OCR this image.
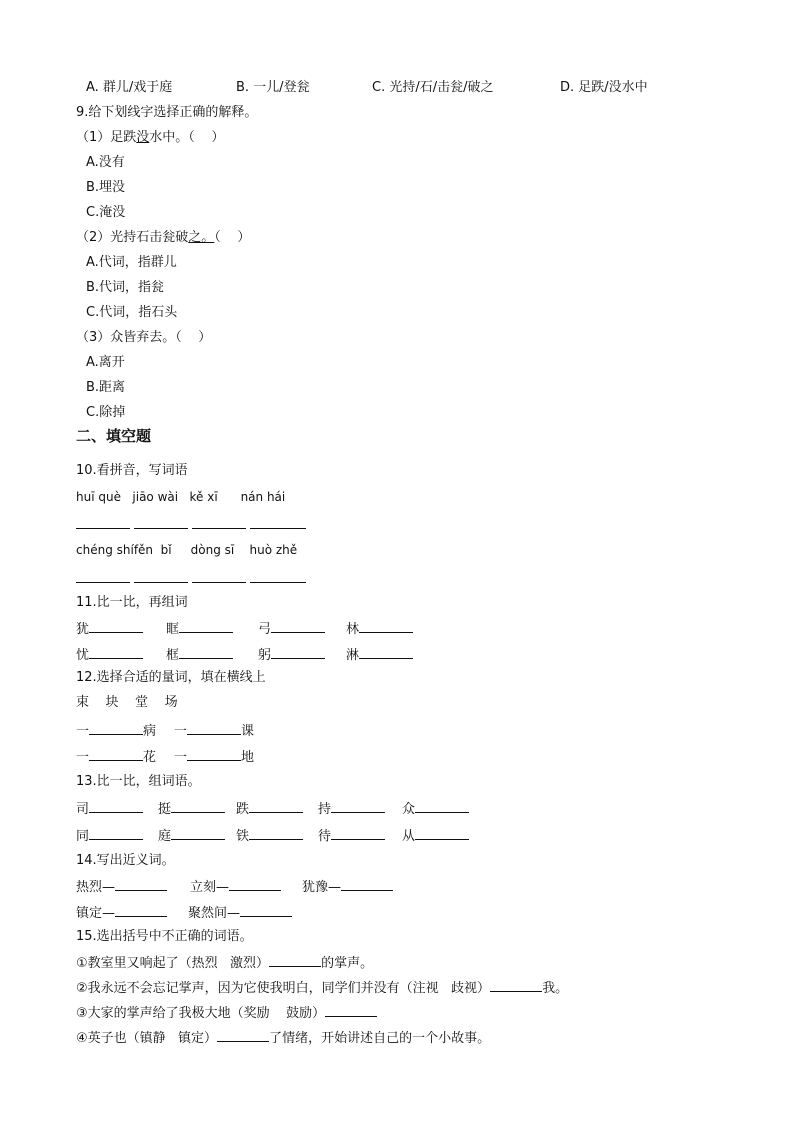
A. 群儿/戏于庭	B. 一儿/登瓮	C. 光持/石/击瓮/破之	D. 足跌/没水中
9.给下划线字选择正确的解释。
（1）足跌没水中。（    ）
A.没有
B.埋没
C.淹没
（2）光持石击瓮破之。（    ）
A.代词，指群儿
B.代词，指瓮
C.代词，指石头
（3）众皆弃去。（    ）
A.离开
B.距离
C.除掉
二、填空题
10.看拼音，写词语
huī què   jiāo wài   kě xī      nán hái
chéng shífěn  bǐ     dòng sī    huò zhě
11.比一比，再组词
犹	眶	弓	林
忧	框	躬	淋
12.选择合适的量词，填在横线上
束    块    堂    场
一	病 一	课
一	花 一	地
13.比一比，组词语。
司	挺	跌	持	众
同	庭	铁	待	从
14.写出近义词。
热烈—	立刻—	犹豫—
镇定—	聚然间—
15.选出括号中不正确的词语。
①教室里又响起了（热烈   激烈）	的掌声。
②我永远不会忘记掌声，因为它使我明白，同学们并没有（注视   歧视）	我。
③大家的掌声给了我极大地（奖励    鼓励）
④英子也（镇静   镇定）	了情绪，开始讲述自己的一个小故事。
